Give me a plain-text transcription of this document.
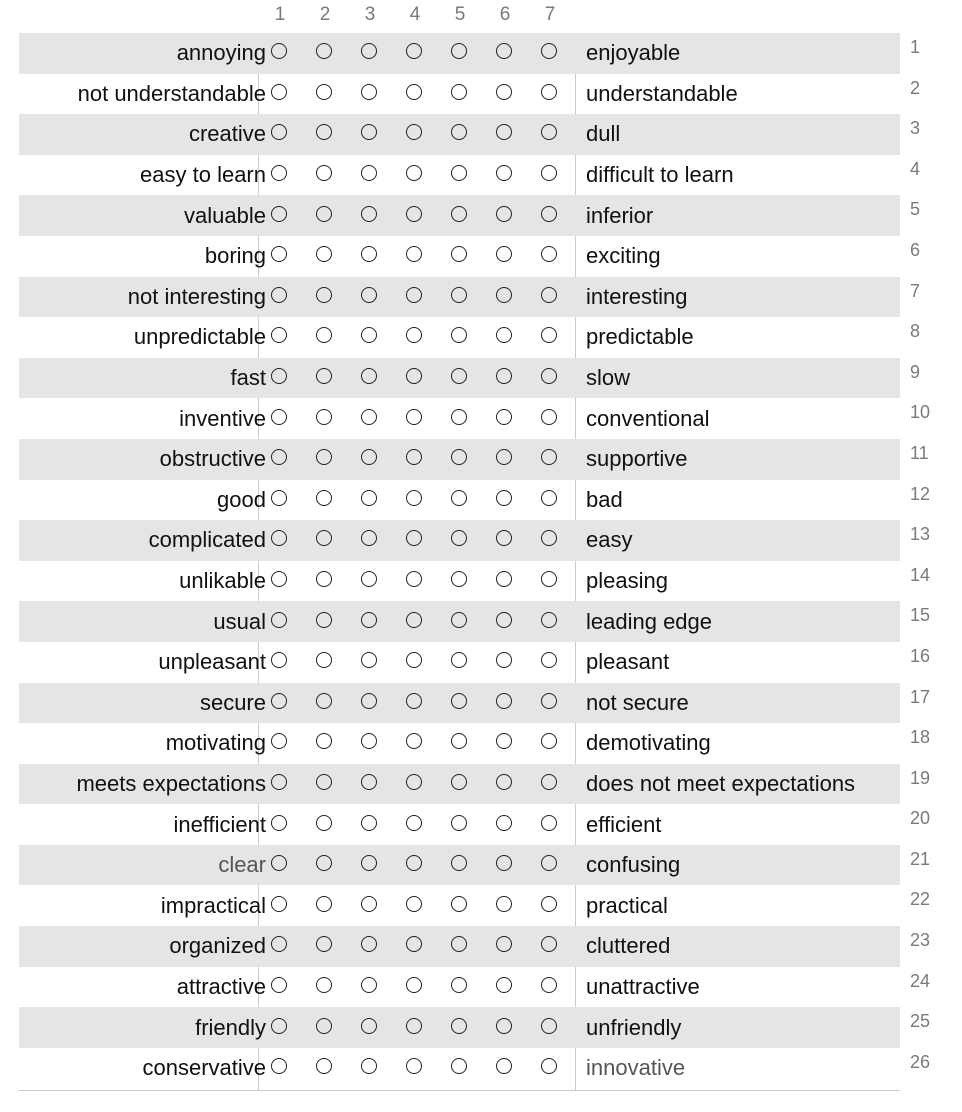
1 2 3 4 5 6 7
annoying	enjoyable	1
not understandable	understandable	2
creative	dull	3
easy to learn	difficult to learn	4
valuable	inferior	5
boring	exciting	6
not interesting	interesting	7
unpredictable	predictable	8
fast	slow	9
inventive	conventional	10
obstructive	supportive	11
good	bad	12
complicated	easy	13
unlikable	pleasing	14
usual	leading edge	15
unpleasant	pleasant	16
secure	not secure	17
motivating	demotivating	18
meets expectations	does not meet expectations	19
inefficient	efficient	20
clear	confusing	21
impractical	practical	22
organized	cluttered	23
attractive	unattractive	24
friendly	unfriendly	25
conservative	innovative	26
